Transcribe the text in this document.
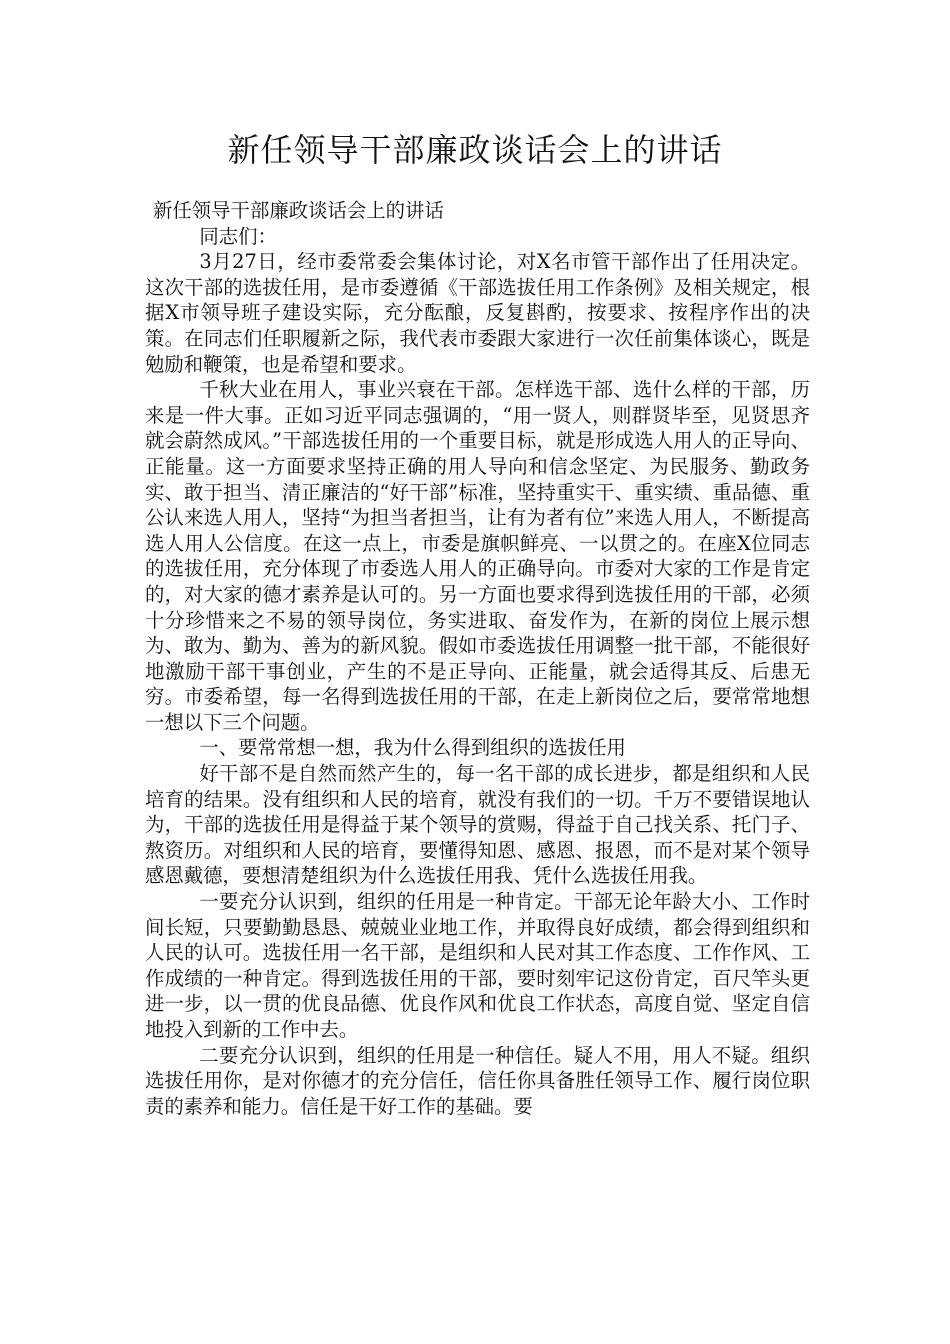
新任领导干部廉政谈话会上的讲话

新任领导干部廉政谈话会上的讲话

同志们：

3月27日，经市委常委会集体讨论，对X名市管干部作出了任用决定。这次干部的选拔任用，是市委遵循《干部选拔任用工作条例》及相关规定，根据X市领导班子建设实际，充分酝酿，反复斟酌，按要求、按程序作出的决策。在同志们任职履新之际，我代表市委跟大家进行一次任前集体谈心，既是勉励和鞭策，也是希望和要求。

千秋大业在用人，事业兴衰在干部。怎样选干部、选什么样的干部，历来是一件大事。正如习近平同志强调的，“用一贤人，则群贤毕至，见贤思齐就会蔚然成风。”干部选拔任用的一个重要目标，就是形成选人用人的正导向、正能量。这一方面要求坚持正确的用人导向和信念坚定、为民服务、勤政务实、敢于担当、清正廉洁的“好干部”标准，坚持重实干、重实绩、重品德、重公认来选人用人，坚持“为担当者担当，让有为者有位”来选人用人，不断提高选人用人公信度。在这一点上，市委是旗帜鲜亮、一以贯之的。在座X位同志的选拔任用，充分体现了市委选人用人的正确导向。市委对大家的工作是肯定的，对大家的德才素养是认可的。另一方面也要求得到选拔任用的干部，必须十分珍惜来之不易的领导岗位，务实进取、奋发作为，在新的岗位上展示想为、敢为、勤为、善为的新风貌。假如市委选拔任用调整一批干部，不能很好地激励干部干事创业，产生的不是正导向、正能量，就会适得其反、后患无穷。市委希望，每一名得到选拔任用的干部，在走上新岗位之后，要常常地想一想以下三个问题。

一、要常常想一想，我为什么得到组织的选拔任用

好干部不是自然而然产生的，每一名干部的成长进步，都是组织和人民培育的结果。没有组织和人民的培育，就没有我们的一切。千万不要错误地认为，干部的选拔任用是得益于某个领导的赏赐，得益于自己找关系、托门子、熬资历。对组织和人民的培育，要懂得知恩、感恩、报恩，而不是对某个领导感恩戴德，要想清楚组织为什么选拔任用我、凭什么选拔任用我。

一要充分认识到，组织的任用是一种肯定。干部无论年龄大小、工作时间长短，只要勤勤恳恳、兢兢业业地工作，并取得良好成绩，都会得到组织和人民的认可。选拔任用一名干部，是组织和人民对其工作态度、工作作风、工作成绩的一种肯定。得到选拔任用的干部，要时刻牢记这份肯定，百尺竿头更进一步，以一贯的优良品德、优良作风和优良工作状态，高度自觉、坚定自信地投入到新的工作中去。

二要充分认识到，组织的任用是一种信任。疑人不用，用人不疑。组织选拔任用你，是对你德才的充分信任，信任你具备胜任领导工作、履行岗位职责的素养和能力。信任是干好工作的基础。要
